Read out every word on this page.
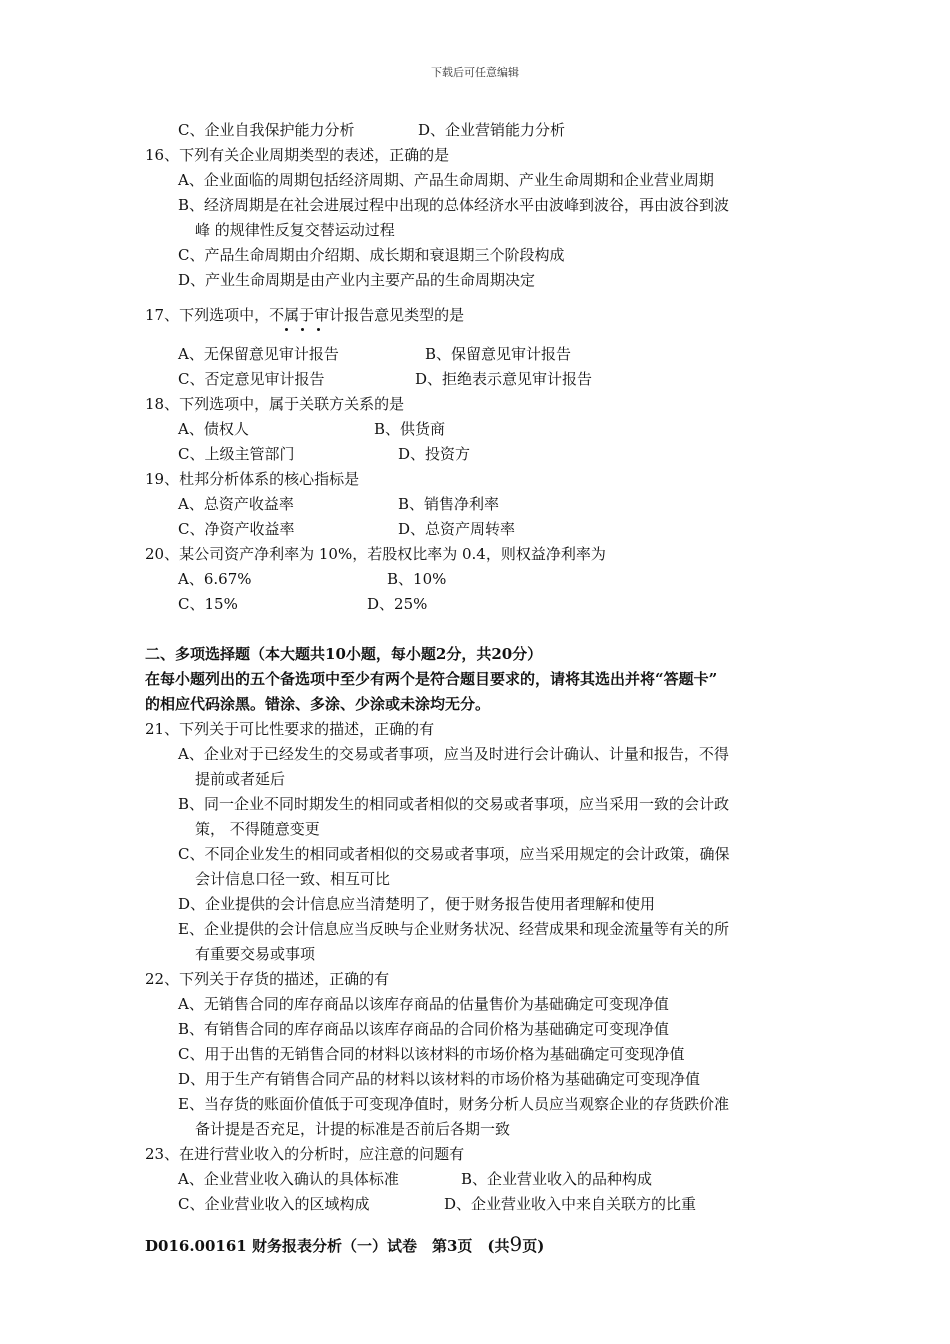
下载后可任意编辑
C、企业自我保护能力分析	D、企业营销能力分析
16、下列有关企业周期类型的表述，正确的是
A、企业面临的周期包括经济周期、产品生命周期、产业生命周期和企业营业周期
B、经济周期是在社会进展过程中出现的总体经济水平由波峰到波谷，再由波谷到波
峰 的规律性反复交替运动过程
C、产品生命周期由介绍期、成长期和衰退期三个阶段构成
D、产业生命周期是由产业内主要产品的生命周期决定
17、下列选项中，不属于审计报告意见类型的是
A、无保留意见审计报告	B、保留意见审计报告
C、否定意见审计报告	D、拒绝表示意见审计报告
18、下列选项中，属于关联方关系的是
A、债权人	B、供货商
C、上级主管部门	D、投资方
19、杜邦分析体系的核心指标是
A、总资产收益率	B、销售净利率
C、净资产收益率	D、总资产周转率
20、某公司资产净利率为 10%，若股权比率为 0.4，则权益净利率为
A、6.67%	B、10%
C、15%	D、25%
二、多项选择题（本大题共10小题，每小题2分，共20分）
在每小题列出的五个备选项中至少有两个是符合题目要求的，请将其选出并将“答题卡”
的相应代码涂黑。错涂、多涂、少涂或未涂均无分。
21、下列关于可比性要求的描述，正确的有
A、企业对于已经发生的交易或者事项，应当及时进行会计确认、计量和报告，不得
提前或者延后
B、同一企业不同时期发生的相同或者相似的交易或者事项，应当采用一致的会计政
策， 不得随意变更
C、不同企业发生的相同或者相似的交易或者事项，应当采用规定的会计政策，确保
会计信息口径一致、相互可比
D、企业提供的会计信息应当清楚明了，便于财务报告使用者理解和使用
E、企业提供的会计信息应当反映与企业财务状况、经营成果和现金流量等有关的所
有重要交易或事项
22、下列关于存货的描述，正确的有
A、无销售合同的库存商品以该库存商品的估量售价为基础确定可变现净值
B、有销售合同的库存商品以该库存商品的合同价格为基础确定可变现净值
C、用于出售的无销售合同的材料以该材料的市场价格为基础确定可变现净值
D、用于生产有销售合同产品的材料以该材料的市场价格为基础确定可变现净值
E、当存货的账面价值低于可变现净值时，财务分析人员应当观察企业的存货跌价准
备计提是否充足，计提的标准是否前后各期一致
23、在进行营业收入的分析时，应注意的问题有
A、企业营业收入确认的具体标准	B、企业营业收入的品种构成
C、企业营业收入的区域构成	D、企业营业收入中来自关联方的比重
D016.00161 财务报表分析（一）试卷　第3页　(共9页)
